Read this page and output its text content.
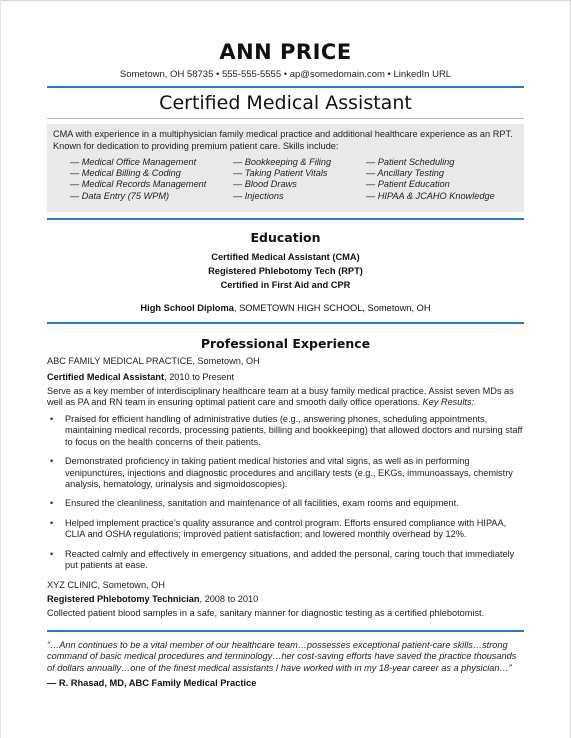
ANN PRICE
Sometown, OH 58735 • 555-555-5555 • ap@somedomain.com • LinkedIn URL
Certified Medical Assistant
CMA with experience in a multiphysician family medical practice and additional healthcare experience as an RPT. Known for dedication to providing premium patient care. Skills include:
— Medical Office Management
— Medical Billing & Coding
— Medical Records Management
— Data Entry (75 WPM)
— Bookkeeping & Filing
— Taking Patient Vitals
— Blood Draws
— Injections
— Patient Scheduling
— Ancillary Testing
— Patient Education
— HIPAA & JCAHO Knowledge
Education
Certified Medical Assistant (CMA)
Registered Phlebotomy Tech (RPT)
Certified in First Aid and CPR
High School Diploma, SOMETOWN HIGH SCHOOL, Sometown, OH
Professional Experience
ABC FAMILY MEDICAL PRACTICE, Sometown, OH
Certified Medical Assistant, 2010 to Present
Serve as a key member of interdisciplinary healthcare team at a busy family medical practice. Assist seven MDs as well as PA and RN team in ensuring optimal patient care and smooth daily office operations. Key Results:
• Praised for efficient handling of administrative duties (e.g., answering phones, scheduling appointments, maintaining medical records, processing patients, billing and bookkeeping) that allowed doctors and nursing staff to focus on the health concerns of their patients.
• Demonstrated proficiency in taking patient medical histories and vital signs, as well as in performing venipunctures, injections and diagnostic procedures and ancillary tests (e.g., EKGs, immunoassays, chemistry analysis, hematology, urinalysis and sigmoidoscopies).
• Ensured the cleanliness, sanitation and maintenance of all facilities, exam rooms and equipment.
• Helped implement practice’s quality assurance and control program. Efforts ensured compliance with HIPAA, CLIA and OSHA regulations; improved patient satisfaction; and lowered monthly overhead by 12%.
• Reacted calmly and effectively in emergency situations, and added the personal, caring touch that immediately put patients at ease.
XYZ CLINIC, Sometown, OH
Registered Phlebotomy Technician, 2008 to 2010
Collected patient blood samples in a safe, sanitary manner for diagnostic testing as a certified phlebotomist.
“…Ann continues to be a vital member of our healthcare team…possesses exceptional patient-care skills…strong command of basic medical procedures and terminology…her cost-saving efforts have saved the practice thousands of dollars annually…one of the finest medical assistants I have worked with in my 18-year career as a physician…”
— R. Rhasad, MD, ABC Family Medical Practice
